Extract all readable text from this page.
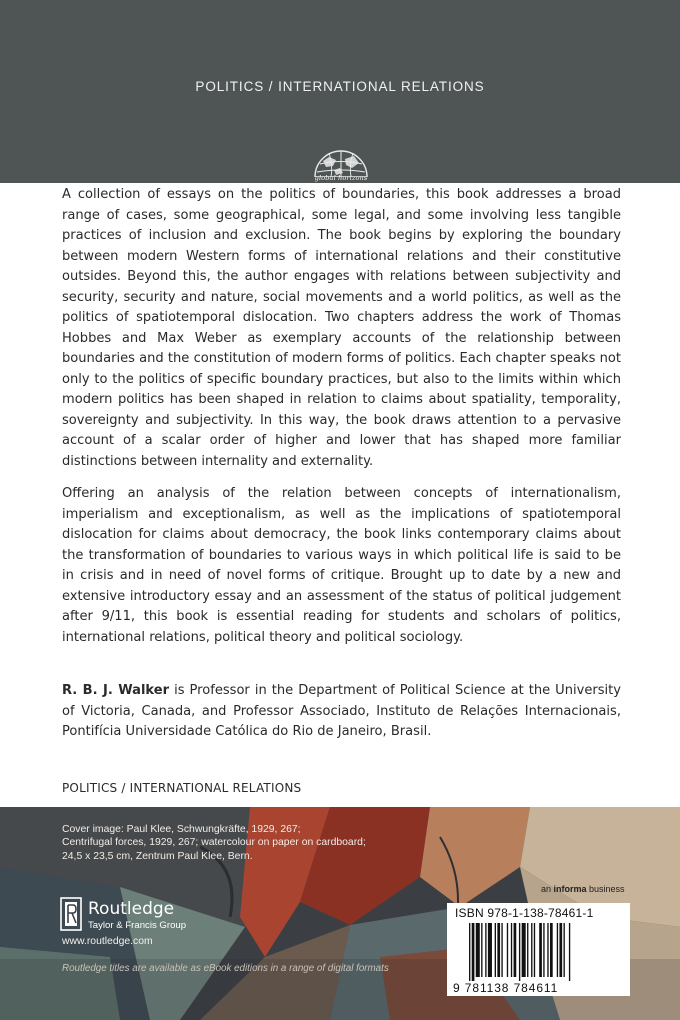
POLITICS / INTERNATIONAL RELATIONS
global horizons

A collection of essays on the politics of boundaries, this book addresses a broad range of cases, some geographical, some legal, and some involving less tangible practices of inclusion and exclusion. The book begins by exploring the boundary between modern Western forms of international relations and their constitutive outsides. Beyond this, the author engages with relations between subjectivity and security, security and nature, social movements and a world politics, as well as the politics of spatiotemporal dislocation. Two chapters address the work of Thomas Hobbes and Max Weber as exemplary accounts of the relationship between boundaries and the constitution of modern forms of politics. Each chapter speaks not only to the politics of specific boundary practices, but also to the limits within which modern politics has been shaped in relation to claims about spatiality, temporality, sovereignty and subjectivity. In this way, the book draws attention to a pervasive account of a scalar order of higher and lower that has shaped more familiar distinctions between internality and externality.

Offering an analysis of the relation between concepts of internationalism, imperialism and exceptionalism, as well as the implications of spatiotemporal dislocation for claims about democracy, the book links contemporary claims about the transformation of boundaries to various ways in which political life is said to be in crisis and in need of novel forms of critique. Brought up to date by a new and extensive introductory essay and an assessment of the status of political judgement after 9/11, this book is essential reading for students and scholars of politics, international relations, political theory and political sociology.

R. B. J. Walker is Professor in the Department of Political Science at the University of Victoria, Canada, and Professor Associado, Instituto de Relações Internacionais, Pontifícia Universidade Católica do Rio de Janeiro, Brasil.

POLITICS / INTERNATIONAL RELATIONS
Cover image: Paul Klee, Schwungkräfte, 1929, 267;
Centrifugal forces, 1929, 267; watercolour on paper on cardboard;
24,5 x 23,5 cm, Zentrum Paul Klee, Bern.
Routledge
Taylor & Francis Group
www.routledge.com
Routledge titles are available as eBook editions in a range of digital formats
an informa business
ISBN 978-1-138-78461-1
9 781138 784611
